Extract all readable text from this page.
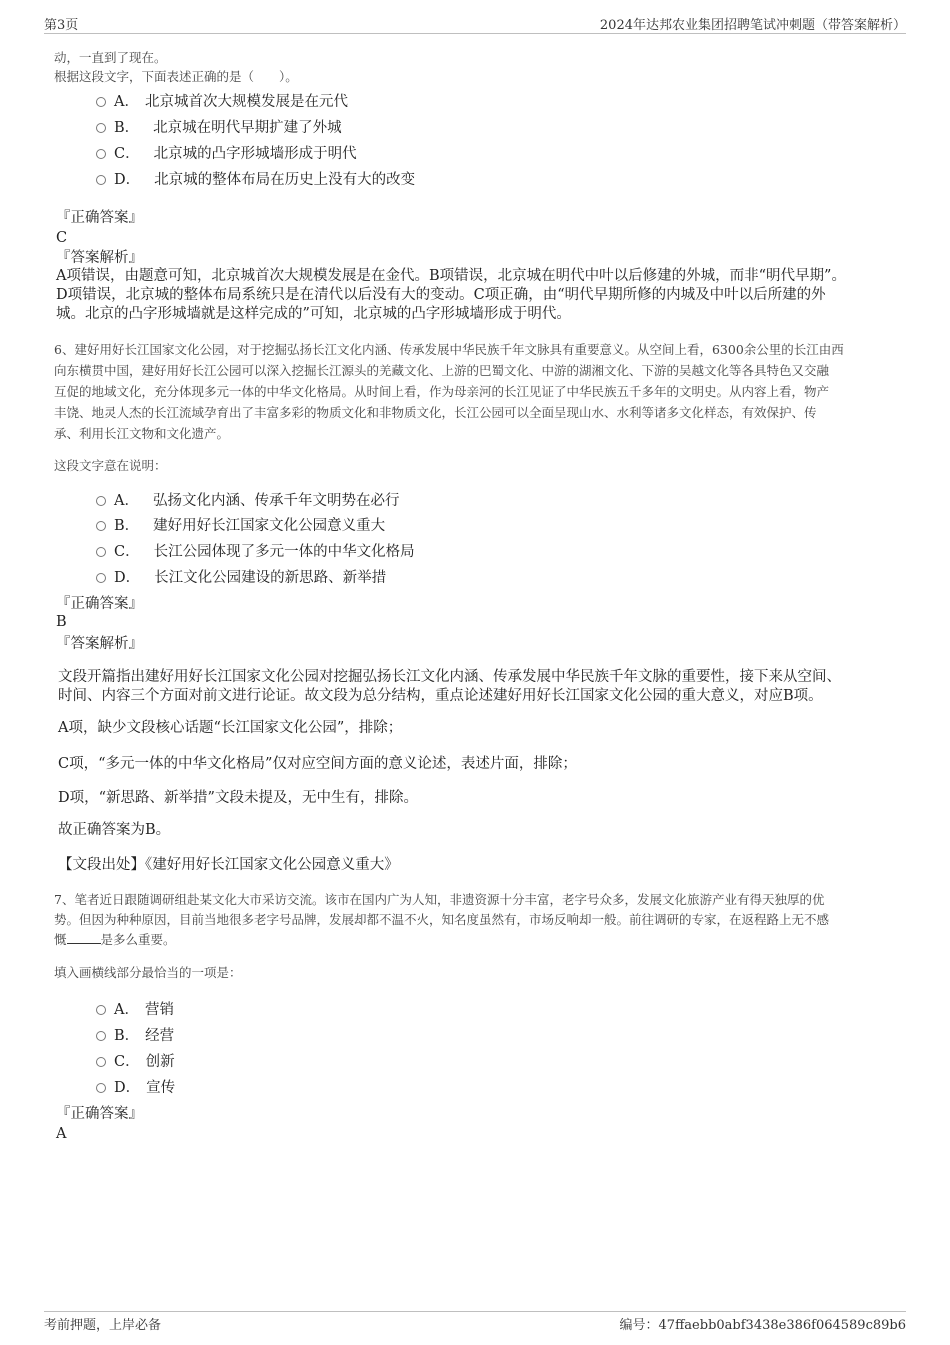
第3页	2024年达邦农业集团招聘笔试冲刺题（带答案解析）
动，一直到了现在。
根据这段文字，下面表述正确的是（　　）。
A． 北京城首次大规模发展是在元代
B． 北京城在明代早期扩建了外城
C． 北京城的凸字形城墙形成于明代
D． 北京城的整体布局在历史上没有大的改变
『正确答案』
C
『答案解析』
A项错误，由题意可知，北京城首次大规模发展是在金代。B项错误，北京城在明代中叶以后修建的外城，而非“明代早期”。
D项错误，北京城的整体布局系统只是在清代以后没有大的变动。C项正确，由“明代早期所修的内城及中叶以后所建的外
城。北京的凸字形城墙就是这样完成的”可知，北京城的凸字形城墙形成于明代。
6、建好用好长江国家文化公园，对于挖掘弘扬长江文化内涵、传承发展中华民族千年文脉具有重要意义。从空间上看，6300余公里的长江由西
向东横贯中国，建好用好长江公园可以深入挖掘长江源头的羌藏文化、上游的巴蜀文化、中游的湖湘文化、下游的吴越文化等各具特色又交融
互促的地域文化，充分体现多元一体的中华文化格局。从时间上看，作为母亲河的长江见证了中华民族五千多年的文明史。从内容上看，物产
丰饶、地灵人杰的长江流域孕育出了丰富多彩的物质文化和非物质文化，长江公园可以全面呈现山水、水利等诸多文化样态，有效保护、传
承、利用长江文物和文化遗产。
这段文字意在说明：
A． 弘扬文化内涵、传承千年文明势在必行
B． 建好用好长江国家文化公园意义重大
C． 长江公园体现了多元一体的中华文化格局
D． 长江文化公园建设的新思路、新举措
『正确答案』
B
『答案解析』
文段开篇指出建好用好长江国家文化公园对挖掘弘扬长江文化内涵、传承发展中华民族千年文脉的重要性，接下来从空间、
时间、内容三个方面对前文进行论证。故文段为总分结构，重点论述建好用好长江国家文化公园的重大意义，对应B项。
A项，缺少文段核心话题“长江国家文化公园”，排除；
C项，“多元一体的中华文化格局”仅对应空间方面的意义论述，表述片面，排除；
D项，“新思路、新举措”文段未提及，无中生有，排除。
故正确答案为B。
【文段出处】《建好用好长江国家文化公园意义重大》
7、笔者近日跟随调研组赴某文化大市采访交流。该市在国内广为人知，非遗资源十分丰富，老字号众多，发展文化旅游产业有得天独厚的优
势。但因为种种原因，目前当地很多老字号品牌，发展却都不温不火，知名度虽然有，市场反响却一般。前往调研的专家，在返程路上无不感
慨	是多么重要。
填入画横线部分最恰当的一项是：
A． 营销
B． 经营
C． 创新
D． 宣传
『正确答案』
A
考前押题，上岸必备	编号：47ffaebb0abf3438e386f064589c89b6
